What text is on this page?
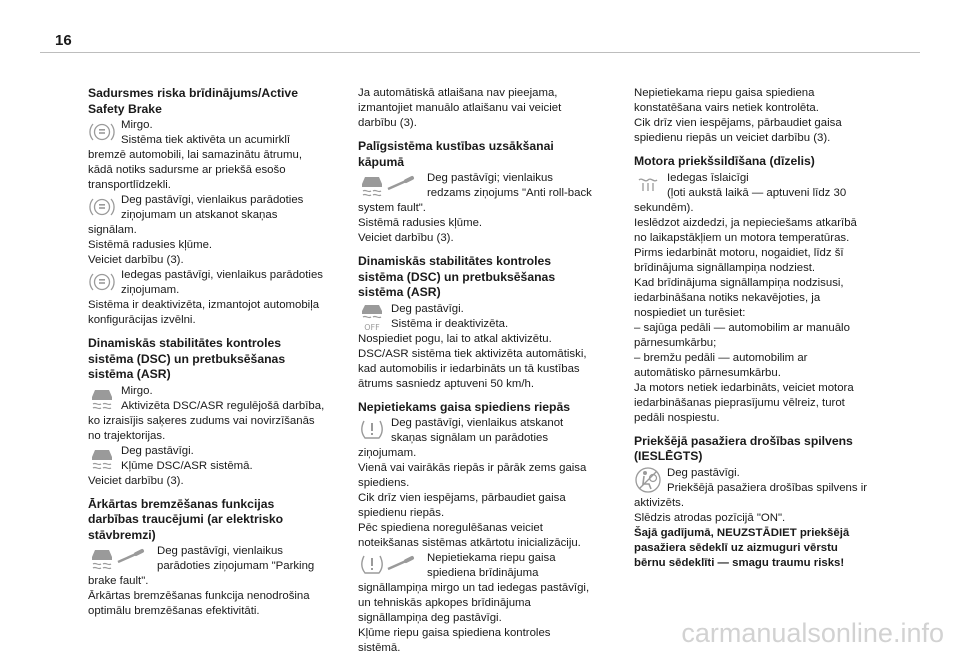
16
Sadursmes riska brīdinājums/Active Safety Brake

Mirgo.

Sistēma tiek aktivēta un acumirklī bremzē automobili, lai samazinātu ātrumu, kādā notiks sadursme ar priekšā esošo transportlīdzekli.

Deg pastāvīgi, vienlaikus parādoties ziņojumam un atskanot skaņas signālam.

Sistēmā radusies kļūme.

Veiciet darbību (3).

Iedegas pastāvīgi, vienlaikus parādoties ziņojumam.

Sistēma ir deaktivizēta, izmantojot automobiļa konfigurācijas izvēlni.

Dinamiskās stabilitātes kontroles sistēma (DSC) un pretbuksēšanas sistēma (ASR)

Mirgo.

Aktivizēta DSC/ASR regulējošā darbība, ko izraisījis saķeres zudums vai novirzīšanās no trajektorijas.

Deg pastāvīgi.

Kļūme DSC/ASR sistēmā.

Veiciet darbību (3).

Ārkārtas bremzēšanas funkcijas darbības traucējumi (ar elektrisko stāvbremzi)

Deg pastāvīgi, vienlaikus parādoties ziņojumam "Parking brake fault".

Ārkārtas bremzēšanas funkcija nenodrošina optimālu bremzēšanas efektivitāti.

Ja automātiskā atlaišana nav pieejama, izmantojiet manuālo atlaišanu vai veiciet darbību (3).

Palīgsistēma kustības uzsākšanai kāpumā

Deg pastāvīgi; vienlaikus redzams ziņojums "Anti roll-back system fault".

Sistēmā radusies kļūme.

Veiciet darbību (3).

Dinamiskās stabilitātes kontroles sistēma (DSC) un pretbuksēšanas sistēma (ASR)
OFF

Deg pastāvīgi.

Sistēma ir deaktivizēta.

Nospiediet pogu, lai to atkal aktivizētu.

DSC/ASR sistēma tiek aktivizēta automātiski, kad automobilis ir iedarbināts un tā kustības ātrums sasniedz aptuveni 50 km/h.

Nepietiekams gaisa spiediens riepās

Deg pastāvīgi, vienlaikus atskanot skaņas signālam un parādoties ziņojumam.

Vienā vai vairākās riepās ir pārāk zems gaisa spiediens.

Cik drīz vien iespējams, pārbaudiet gaisa spiedienu riepās.

Pēc spiediena noregulēšanas veiciet noteikšanas sistēmas atkārtotu inicializāciju.

Nepietiekama riepu gaisa spiediena brīdinājuma signāllampiņa mirgo un tad iedegas pastāvīgi, un tehniskās apkopes brīdinājuma signāllampiņa deg pastāvīgi.

Kļūme riepu gaisa spiediena kontroles sistēmā.

Nepietiekama riepu gaisa spiediena konstatēšana vairs netiek kontrolēta.

Cik drīz vien iespējams, pārbaudiet gaisa spiedienu riepās un veiciet darbību (3).

Motora priekšsildīšana (dīzelis)

Iedegas īslaicīgi

(ļoti aukstā laikā — aptuveni līdz 30 sekundēm).

Ieslēdzot aizdedzi, ja nepieciešams atkarībā no laikapstākļiem un motora temperatūras.

Pirms iedarbināt motoru, nogaidiet, līdz šī brīdinājuma signāllampiņa nodziest.

Kad brīdinājuma signāllampiņa nodzisusi, iedarbināšana notiks nekavējoties, ja nospiediet un turēsiet:

– sajūga pedāli — automobilim ar manuālo pārnesumkārbu;

– bremžu pedāli — automobilim ar automātisko pārnesumkārbu.

Ja motors netiek iedarbināts, veiciet motora iedarbināšanas pieprasījumu vēlreiz, turot pedāli nospiestu.

Priekšējā pasažiera drošības spilvens (IESLĒGTS)

Deg pastāvīgi.

Priekšējā pasažiera drošības spilvens ir aktivizēts.

Slēdzis atrodas pozīcijā "ON".

Šajā gadījumā, NEUZSTĀDIET priekšējā pasažiera sēdeklī uz aizmuguri vērstu bērnu sēdeklīti — smagu traumu risks!

carmanualsonline.info
